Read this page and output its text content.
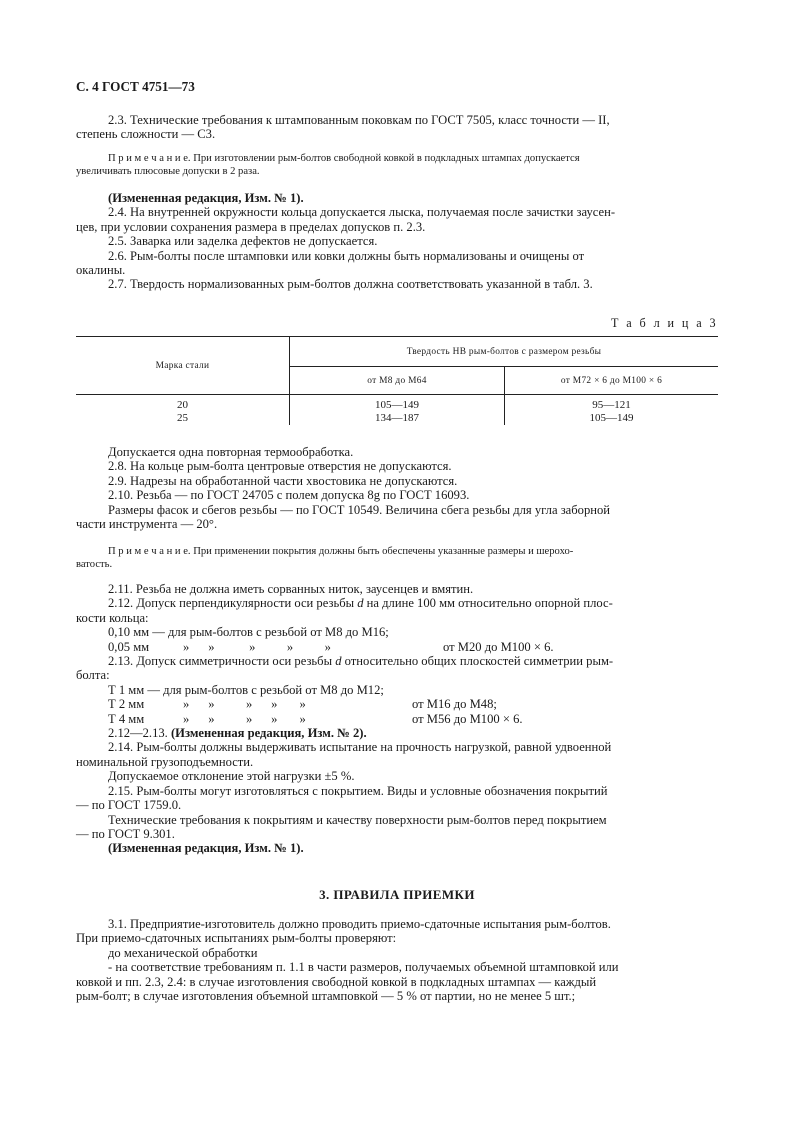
С. 4 ГОСТ 4751—73

2.3. Технические требования к штампованным поковкам по ГОСТ 7505, класс точности — II,

степень сложности — С3.

П р и м е ч а н и е. При изготовлении рым-болтов свободной ковкой в подкладных штампах допускается

увеличивать плюсовые допуски в 2 раза.

(Измененная редакция, Изм. № 1).

2.4. На внутренней окружности кольца допускается лыска, получаемая после зачистки заусен-

цев, при условии сохранения размера в пределах допусков п. 2.3.

2.5. Заварка или заделка дефектов не допускается.

2.6. Рым-болты после штамповки или ковки должны быть нормализованы и очищены от

окалины.

2.7. Твердость нормализованных рым-болтов должна соответствовать указанной в табл. 3.

Т а б л и ц а 3
Марка стали	Твердость НВ рым-болтов с размером резьбы	
	от М8 до М64	от М72 × 6 до М100 × 6
20	105—149	95—121
25	134—187	105—149

Допускается одна повторная термообработка.

2.8. На кольце рым-болта центровые отверстия не допускаются.

2.9. Надрезы на обработанной части хвостовика не допускаются.

2.10. Резьба — по ГОСТ 24705 с полем допуска 8g по ГОСТ 16093.

Размеры фасок и сбегов резьбы — по ГОСТ 10549. Величина сбега резьбы для угла заборной

части инструмента — 20°.

П р и м е ч а н и е. При применении покрытия должны быть обеспечены указанные размеры и шерохо-

ватость.

2.11. Резьба не должна иметь сорванных ниток, заусенцев и вмятин.

2.12. Допуск перпендикулярности оси резьбы d на длине 100 мм относительно опорной плос-

кости кольца:

0,10 мм — для рым-болтов с резьбой от М8 до М16;

0,05 мм	»      »           »          »          »	от М20 до М100 × 6.

2.13. Допуск симметричности оси резьбы d относительно общих плоскостей симметрии рым-

болта:

Т 1 мм — для рым-болтов с резьбой от М8 до М12;

Т 2 мм	»      »          »      »       »	от М16 до М48;

Т 4 мм	»      »          »      »       »	от М56 до М100 × 6.

2.12—2.13. (Измененная редакция, Изм. № 2).

2.14. Рым-болты должны выдерживать испытание на прочность нагрузкой, равной удвоенной

номинальной грузоподъемности.

Допускаемое отклонение этой нагрузки ±5 %.

2.15. Рым-болты могут изготовляться с покрытием. Виды и условные обозначения покрытий

— по ГОСТ 1759.0.

Технические требования к покрытиям и качеству поверхности рым-болтов перед покрытием

— по ГОСТ 9.301.

(Измененная редакция, Изм. № 1).

3. ПРАВИЛА ПРИЕМКИ

3.1. Предприятие-изготовитель должно проводить приемо-сдаточные испытания рым-болтов.

При приемо-сдаточных испытаниях рым-болты проверяют:

до механической обработки

- на соответствие требованиям п. 1.1 в части размеров, получаемых объемной штамповкой или

ковкой и пп. 2.3, 2.4: в случае изготовления свободной ковкой в подкладных штампах — каждый

рым-болт; в случае изготовления объемной штамповкой — 5 % от партии, но не менее 5 шт.;
